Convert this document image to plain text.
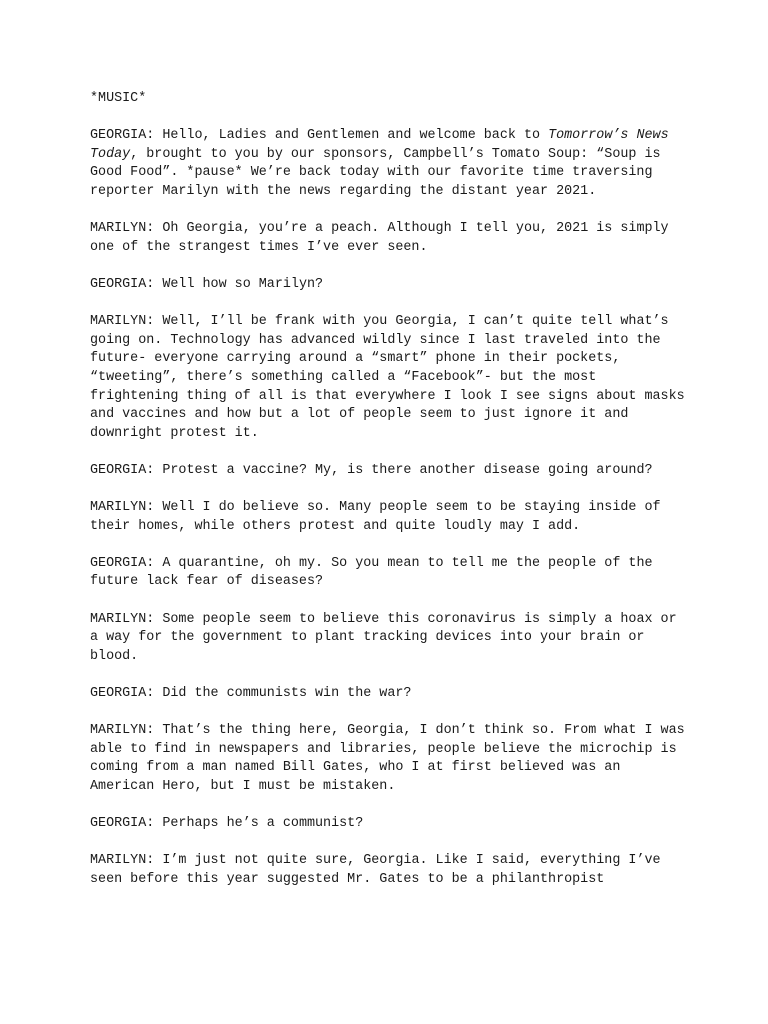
*MUSIC*

GEORGIA: Hello, Ladies and Gentlemen and welcome back to Tomorrow’s News Today, brought to you by our sponsors, Campbell’s Tomato Soup: “Soup is Good Food”. *pause* We’re back today with our favorite time traversing reporter Marilyn with the news regarding the distant year 2021.

MARILYN: Oh Georgia, you’re a peach. Although I tell you, 2021 is simply one of the strangest times I’ve ever seen.

GEORGIA: Well how so Marilyn?

MARILYN: Well, I’ll be frank with you Georgia, I can’t quite tell what’s going on. Technology has advanced wildly since I last traveled into the future- everyone carrying around a “smart” phone in their pockets, “tweeting”, there’s something called a “Facebook”- but the most frightening thing of all is that everywhere I look I see signs about masks and vaccines and how but a lot of people seem to just ignore it and downright protest it.

GEORGIA: Protest a vaccine? My, is there another disease going around?

MARILYN: Well I do believe so. Many people seem to be staying inside of their homes, while others protest and quite loudly may I add.

GEORGIA: A quarantine, oh my. So you mean to tell me the people of the future lack fear of diseases?

MARILYN: Some people seem to believe this coronavirus is simply a hoax or a way for the government to plant tracking devices into your brain or blood.

GEORGIA: Did the communists win the war?

MARILYN: That’s the thing here, Georgia, I don’t think so. From what I was able to find in newspapers and libraries, people believe the microchip is coming from a man named Bill Gates, who I at first believed was an American Hero, but I must be mistaken.

GEORGIA: Perhaps he’s a communist?

MARILYN: I’m just not quite sure, Georgia. Like I said, everything I’ve seen before this year suggested Mr. Gates to be a philanthropist
